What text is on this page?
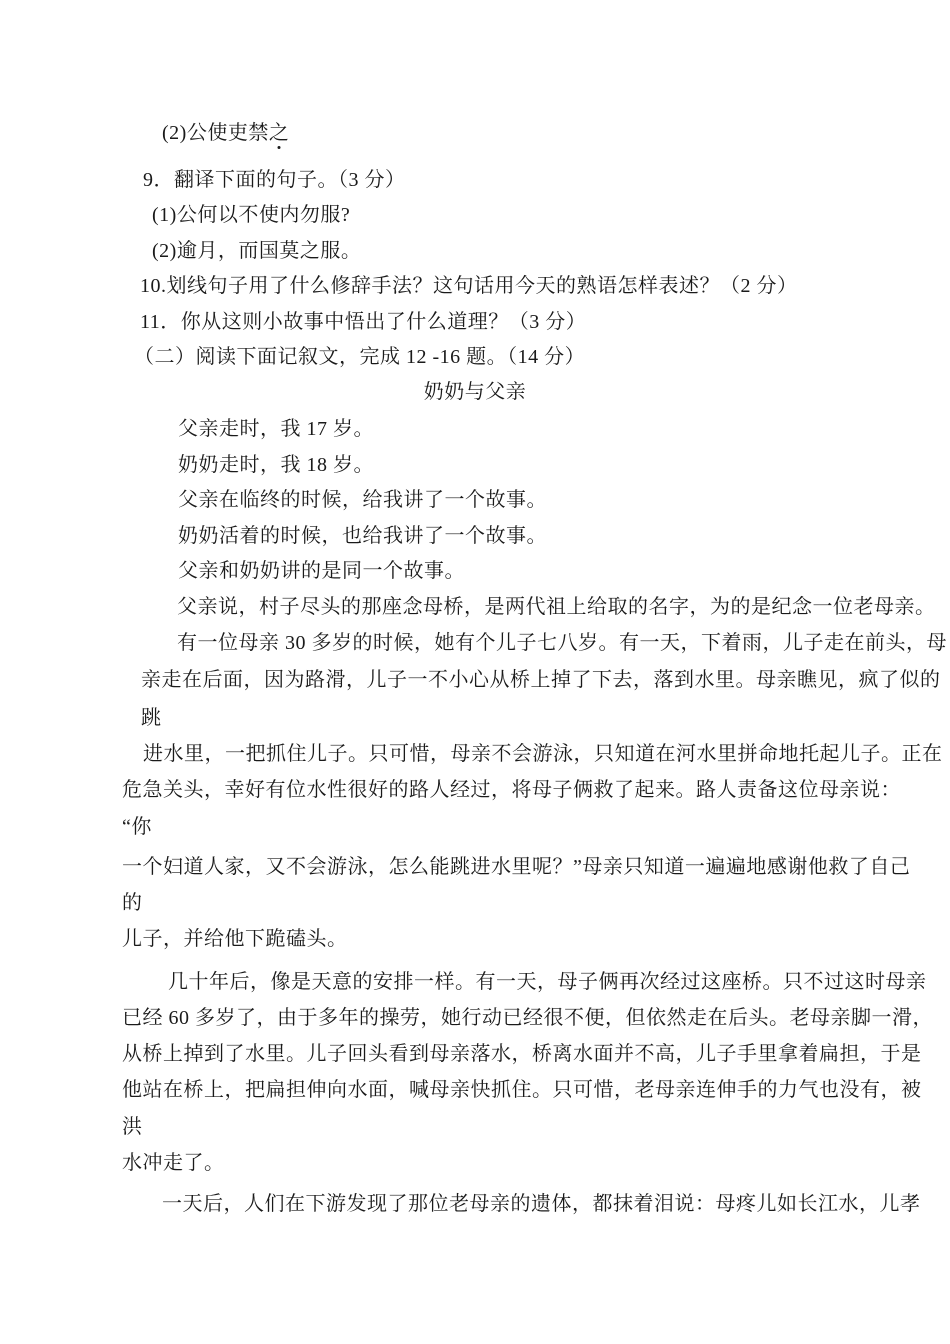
(2)公使吏禁之
9．翻译下面的句子。（3 分）
(1)公何以不使内勿服?
(2)逾月，而国莫之服。
10.划线句子用了什么修辞手法？这句话用今天的熟语怎样表述？（2 分）
11．你从这则小故事中悟出了什么道理？（3 分）
（二）阅读下面记叙文，完成 12 -16 题。（14 分）
奶奶与父亲
父亲走时，我 17 岁。
奶奶走时，我 18 岁。
父亲在临终的时候，给我讲了一个故事。
奶奶活着的时候，也给我讲了一个故事。
父亲和奶奶讲的是同一个故事。
父亲说，村子尽头的那座念母桥，是两代祖上给取的名字，为的是纪念一位老母亲。
有一位母亲 30 多岁的时候，她有个儿子七八岁。有一天，下着雨，儿子走在前头，母
亲走在后面，因为路滑，儿子一不小心从桥上掉了下去，落到水里。母亲瞧见，疯了似的
跳
进水里，一把抓住儿子。只可惜，母亲不会游泳，只知道在河水里拼命地托起儿子。正在
危急关头，幸好有位水性很好的路人经过，将母子俩救了起来。路人责备这位母亲说：
“你
一个妇道人家，又不会游泳，怎么能跳进水里呢？”母亲只知道一遍遍地感谢他救了自己
的
儿子，并给他下跪磕头。
几十年后，像是天意的安排一样。有一天，母子俩再次经过这座桥。只不过这时母亲
已经 60 多岁了，由于多年的操劳，她行动已经很不便，但依然走在后头。老母亲脚一滑，
从桥上掉到了水里。儿子回头看到母亲落水，桥离水面并不高，儿子手里拿着扁担，于是
他站在桥上，把扁担伸向水面，喊母亲快抓住。只可惜，老母亲连伸手的力气也没有，被
洪
水冲走了。
一天后，人们在下游发现了那位老母亲的遗体，都抹着泪说：母疼儿如长江水，儿孝
